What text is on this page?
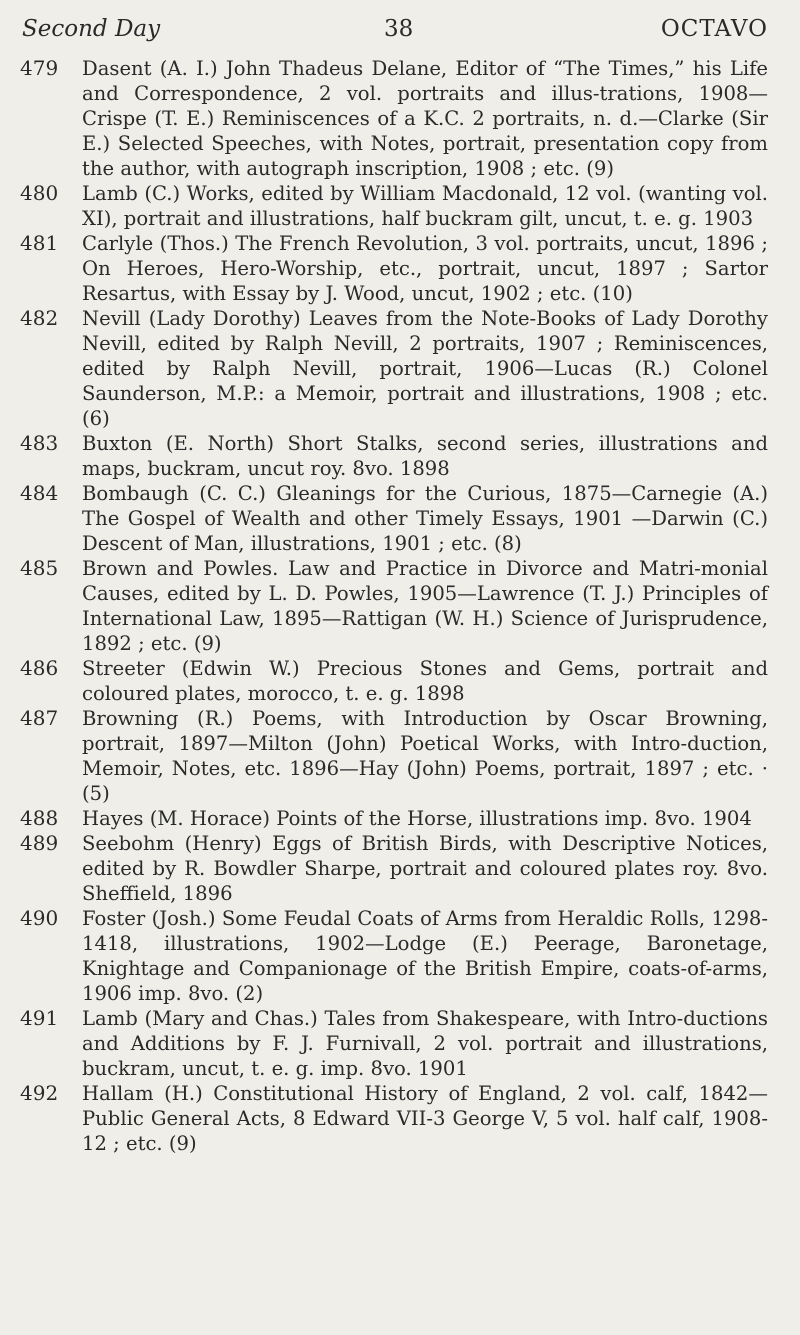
Second Day	38	OCTAVO
479	Dasent (A. I.) John Thadeus Delane, Editor of “The Times,” his Life and Correspondence, 2 vol. portraits and illus-trations, 1908—Crispe (T. E.) Reminiscences of a K.C. 2 portraits, n. d.—Clarke (Sir E.) Selected Speeches, with Notes, portrait, presentation copy from the author, with autograph inscription, 1908 ; etc. (9)
480	Lamb (C.) Works, edited by William Macdonald, 12 vol. (wanting vol. XI), portrait and illustrations, half buckram gilt, uncut, t. e. g. 1903
481	Carlyle (Thos.) The French Revolution, 3 vol. portraits, uncut, 1896 ; On Heroes, Hero-Worship, etc., portrait, uncut, 1897 ; Sartor Resartus, with Essay by J. Wood, uncut, 1902 ; etc. (10)
482	Nevill (Lady Dorothy) Leaves from the Note-Books of Lady Dorothy Nevill, edited by Ralph Nevill, 2 portraits, 1907 ; Reminiscences, edited by Ralph Nevill, portrait, 1906—Lucas (R.) Colonel Saunderson, M.P.: a Memoir, portrait and illustrations, 1908 ; etc. (6)
483	Buxton (E. North) Short Stalks, second series, illustrations and maps, buckram, uncut roy. 8vo. 1898
484	Bombaugh (C. C.) Gleanings for the Curious, 1875—Carnegie (A.) The Gospel of Wealth and other Timely Essays, 1901 —Darwin (C.) Descent of Man, illustrations, 1901 ; etc. (8)
485	Brown and Powles. Law and Practice in Divorce and Matri-monial Causes, edited by L. D. Powles, 1905—Lawrence (T. J.) Principles of International Law, 1895—Rattigan (W. H.) Science of Jurisprudence, 1892 ; etc. (9)
486	Streeter (Edwin W.) Precious Stones and Gems, portrait and coloured plates, morocco, t. e. g. 1898
487	Browning (R.) Poems, with Introduction by Oscar Browning, portrait, 1897—Milton (John) Poetical Works, with Intro-duction, Memoir, Notes, etc. 1896—Hay (John) Poems, portrait, 1897 ; etc. · (5)
488	Hayes (M. Horace) Points of the Horse, illustrations imp. 8vo. 1904
489	Seebohm (Henry) Eggs of British Birds, with Descriptive Notices, edited by R. Bowdler Sharpe, portrait and coloured plates roy. 8vo. Sheffield, 1896
490	Foster (Josh.) Some Feudal Coats of Arms from Heraldic Rolls, 1298-1418, illustrations, 1902—Lodge (E.) Peerage, Baronetage, Knightage and Companionage of the British Empire, coats-of-arms, 1906 imp. 8vo. (2)
491	Lamb (Mary and Chas.) Tales from Shakespeare, with Intro-ductions and Additions by F. J. Furnivall, 2 vol. portrait and illustrations, buckram, uncut, t. e. g. imp. 8vo. 1901
492	Hallam (H.) Constitutional History of England, 2 vol. calf, 1842—Public General Acts, 8 Edward VII-3 George V, 5 vol. half calf, 1908-12 ; etc. (9)
